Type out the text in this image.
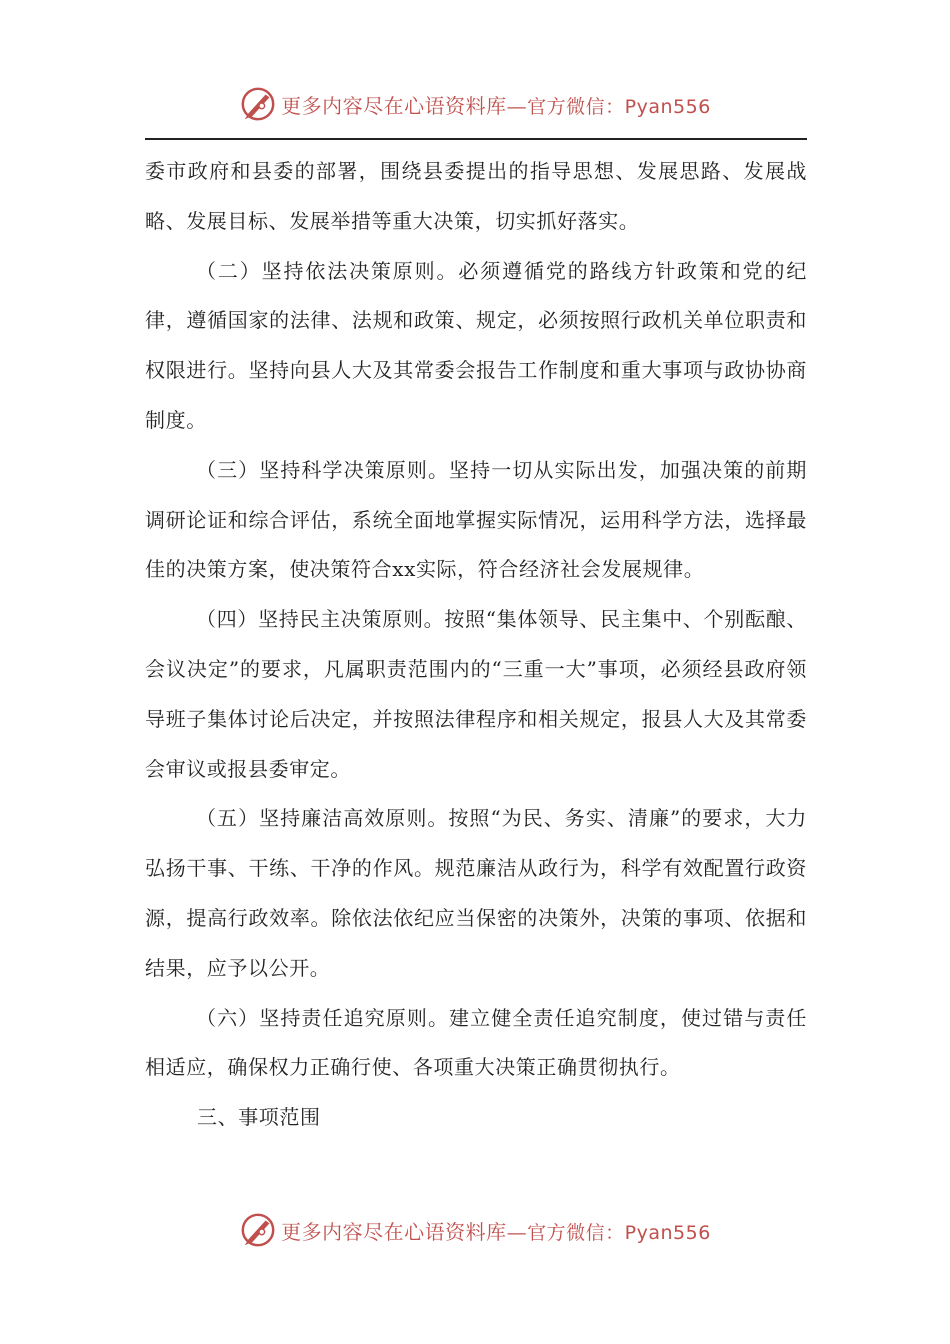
更多内容尽在心语资料库—官方微信：Pyan556

委市政府和县委的部署，围绕县委提出的指导思想、发展思路、发展战略、发展目标、发展举措等重大决策，切实抓好落实。

（二）坚持依法决策原则。必须遵循党的路线方针政策和党的纪律，遵循国家的法律、法规和政策、规定，必须按照行政机关单位职责和权限进行。坚持向县人大及其常委会报告工作制度和重大事项与政协协商制度。

（三）坚持科学决策原则。坚持一切从实际出发，加强决策的前期调研论证和综合评估，系统全面地掌握实际情况，运用科学方法，选择最佳的决策方案，使决策符合xx实际，符合经济社会发展规律。

（四）坚持民主决策原则。按照“集体领导、民主集中、个别酝酿、会议决定”的要求，凡属职责范围内的“三重一大”事项，必须经县政府领导班子集体讨论后决定，并按照法律程序和相关规定，报县人大及其常委会审议或报县委审定。

（五）坚持廉洁高效原则。按照“为民、务实、清廉”的要求，大力弘扬干事、干练、干净的作风。规范廉洁从政行为，科学有效配置行政资源，提高行政效率。除依法依纪应当保密的决策外，决策的事项、依据和结果，应予以公开。

（六）坚持责任追究原则。建立健全责任追究制度，使过错与责任相适应，确保权力正确行使、各项重大决策正确贯彻执行。

三、事项范围

更多内容尽在心语资料库—官方微信：Pyan556
